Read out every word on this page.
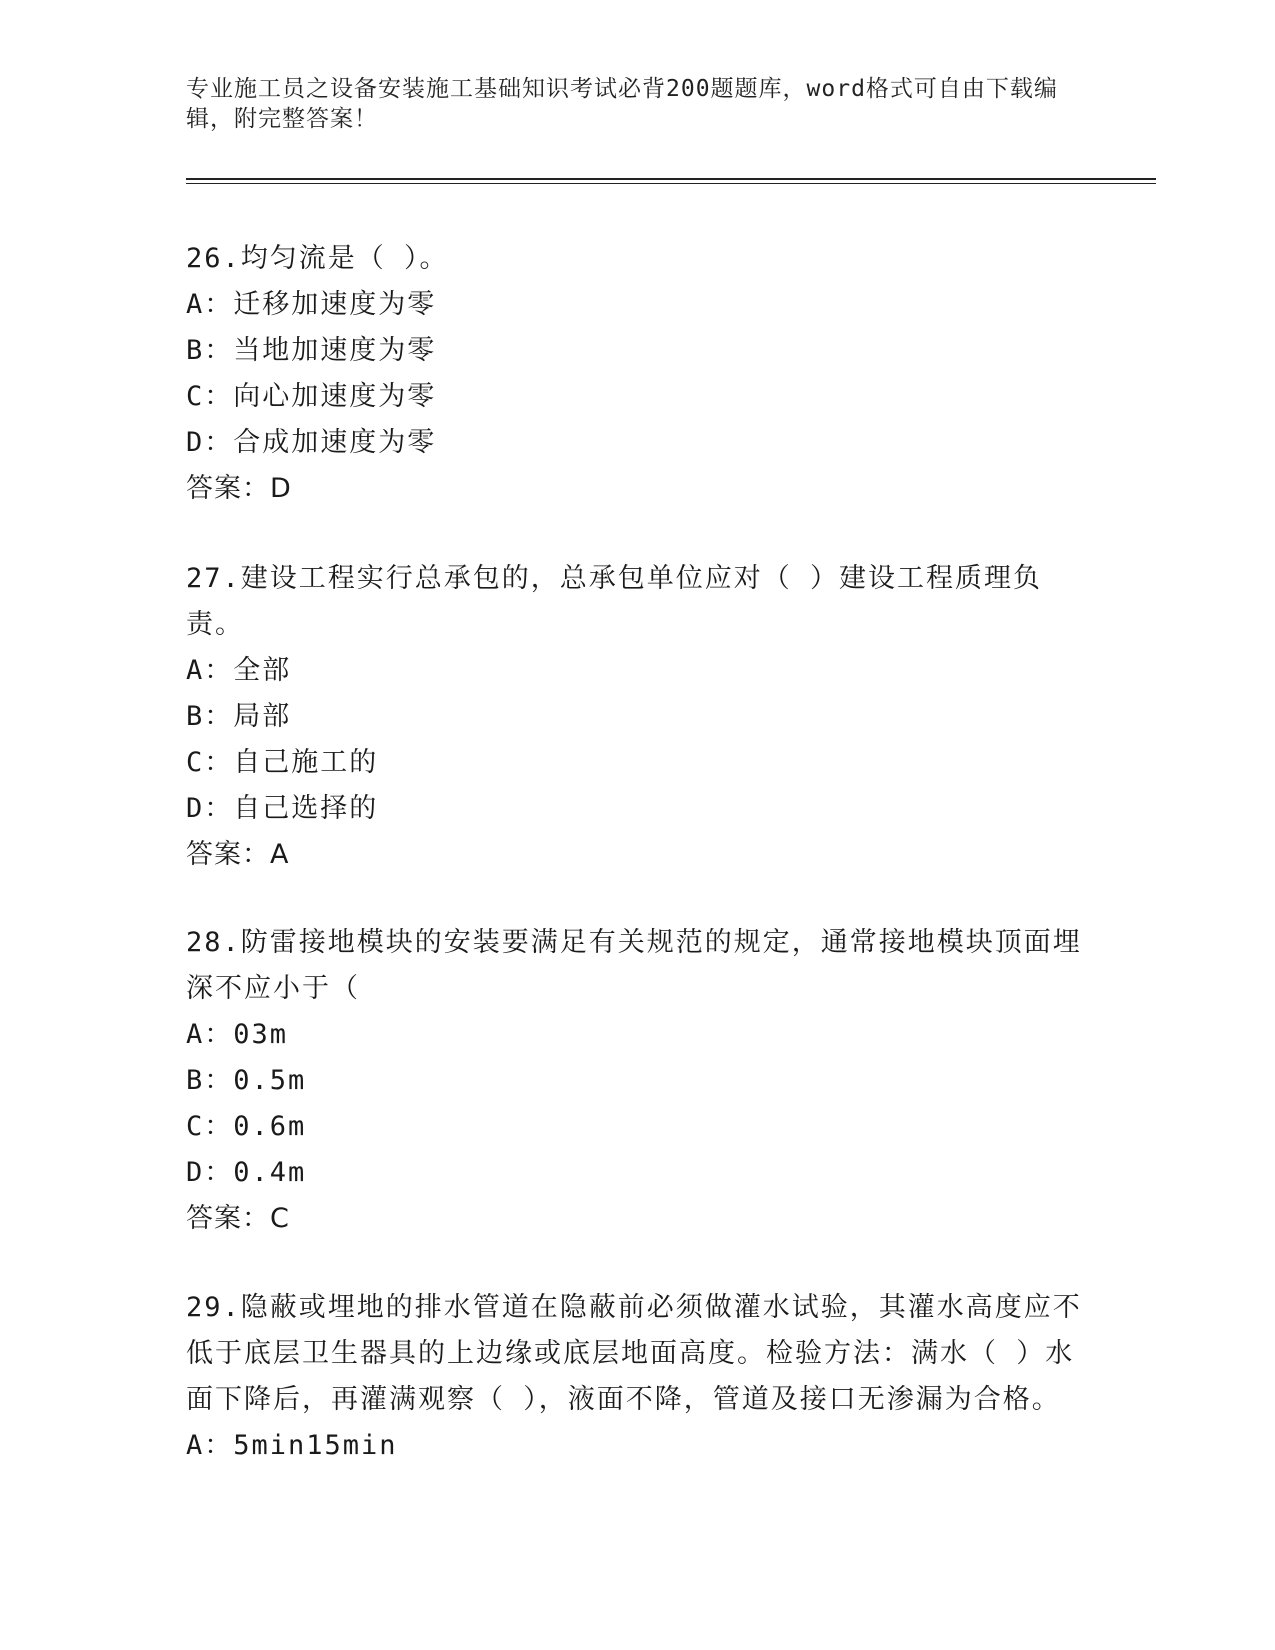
专业施工员之设备安装施工基础知识考试必背200题题库，word格式可自由下载编辑，附完整答案！

26.均匀流是（ ）。

A：迁移加速度为零

B：当地加速度为零

C：向心加速度为零

D：合成加速度为零

答案：D

27.建设工程实行总承包的，总承包单位应对（ ）建设工程质理负责。

A：全部

B：局部

C：自己施工的

D：自己选择的

答案：A

28.防雷接地模块的安装要满足有关规范的规定，通常接地模块顶面埋深不应小于（

A：03m

B：0.5m

C：0.6m

D：0.4m

答案：C

29.隐蔽或埋地的排水管道在隐蔽前必须做灌水试验，其灌水高度应不低于底层卫生器具的上边缘或底层地面高度。检验方法：满水（ ）水面下降后，再灌满观察（ ），液面不降，管道及接口无渗漏为合格。

A：5min15min
